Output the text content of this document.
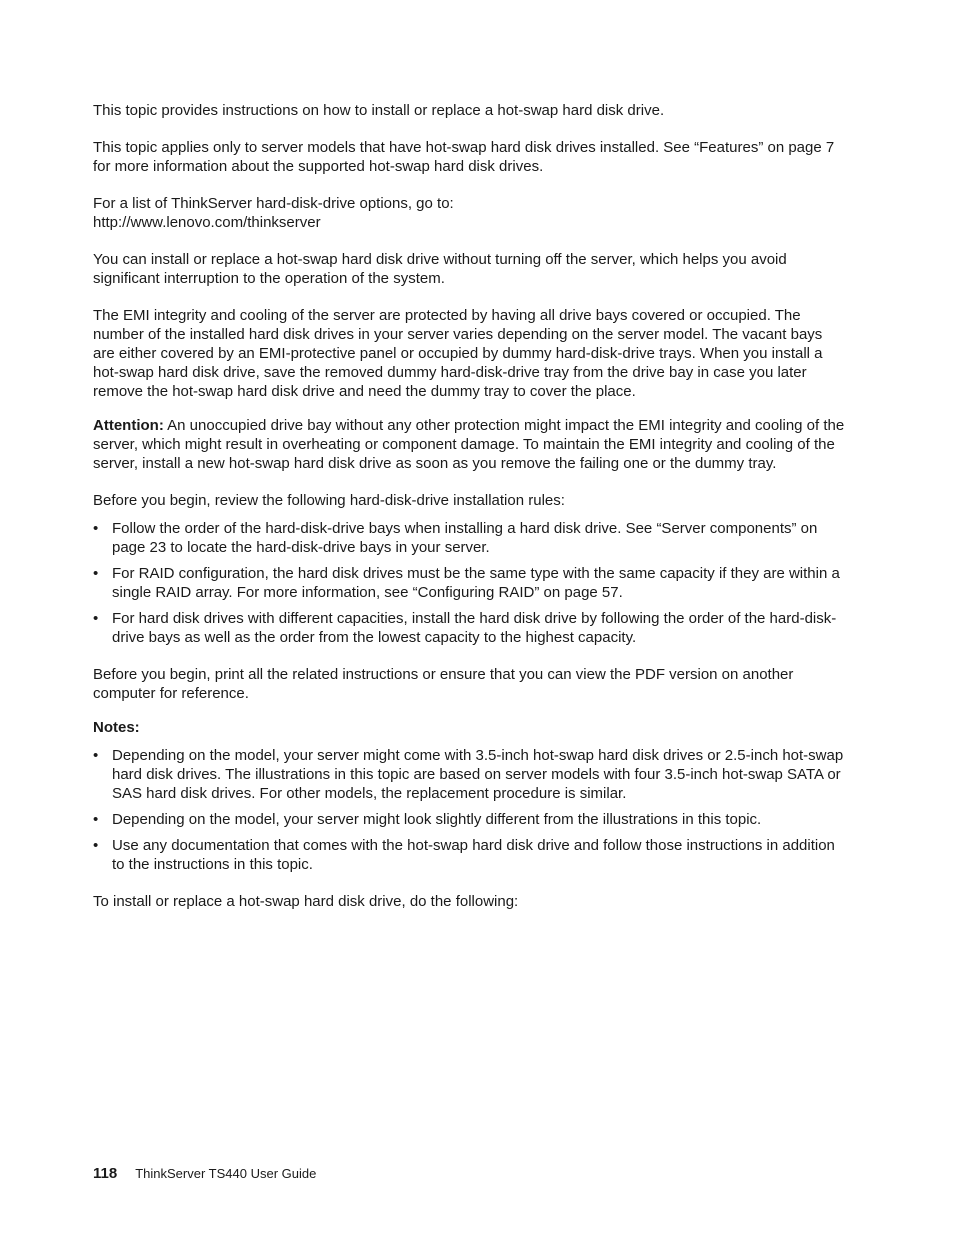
This topic provides instructions on how to install or replace a hot-swap hard disk drive.

This topic applies only to server models that have hot-swap hard disk drives installed. See “Features” on page 7 for more information about the supported hot-swap hard disk drives.

For a list of ThinkServer hard-disk-drive options, go to:
http://www.lenovo.com/thinkserver

You can install or replace a hot-swap hard disk drive without turning off the server, which helps you avoid significant interruption to the operation of the system.

The EMI integrity and cooling of the server are protected by having all drive bays covered or occupied. The number of the installed hard disk drives in your server varies depending on the server model. The vacant bays are either covered by an EMI-protective panel or occupied by dummy hard-disk-drive trays. When you install a hot-swap hard disk drive, save the removed dummy hard-disk-drive tray from the drive bay in case you later remove the hot-swap hard disk drive and need the dummy tray to cover the place.

Attention: An unoccupied drive bay without any other protection might impact the EMI integrity and cooling of the server, which might result in overheating or component damage. To maintain the EMI integrity and cooling of the server, install a new hot-swap hard disk drive as soon as you remove the failing one or the dummy tray.

Before you begin, review the following hard-disk-drive installation rules:

• Follow the order of the hard-disk-drive bays when installing a hard disk drive. See “Server components” on page 23 to locate the hard-disk-drive bays in your server.
• For RAID configuration, the hard disk drives must be the same type with the same capacity if they are within a single RAID array. For more information, see “Configuring RAID” on page 57.
• For hard disk drives with different capacities, install the hard disk drive by following the order of the hard-disk-drive bays as well as the order from the lowest capacity to the highest capacity.

Before you begin, print all the related instructions or ensure that you can view the PDF version on another computer for reference.

Notes:

• Depending on the model, your server might come with 3.5-inch hot-swap hard disk drives or 2.5-inch hot-swap hard disk drives. The illustrations in this topic are based on server models with four 3.5-inch hot-swap SATA or SAS hard disk drives. For other models, the replacement procedure is similar.
• Depending on the model, your server might look slightly different from the illustrations in this topic.
• Use any documentation that comes with the hot-swap hard disk drive and follow those instructions in addition to the instructions in this topic.

To install or replace a hot-swap hard disk drive, do the following:

118 ThinkServer TS440 User Guide
